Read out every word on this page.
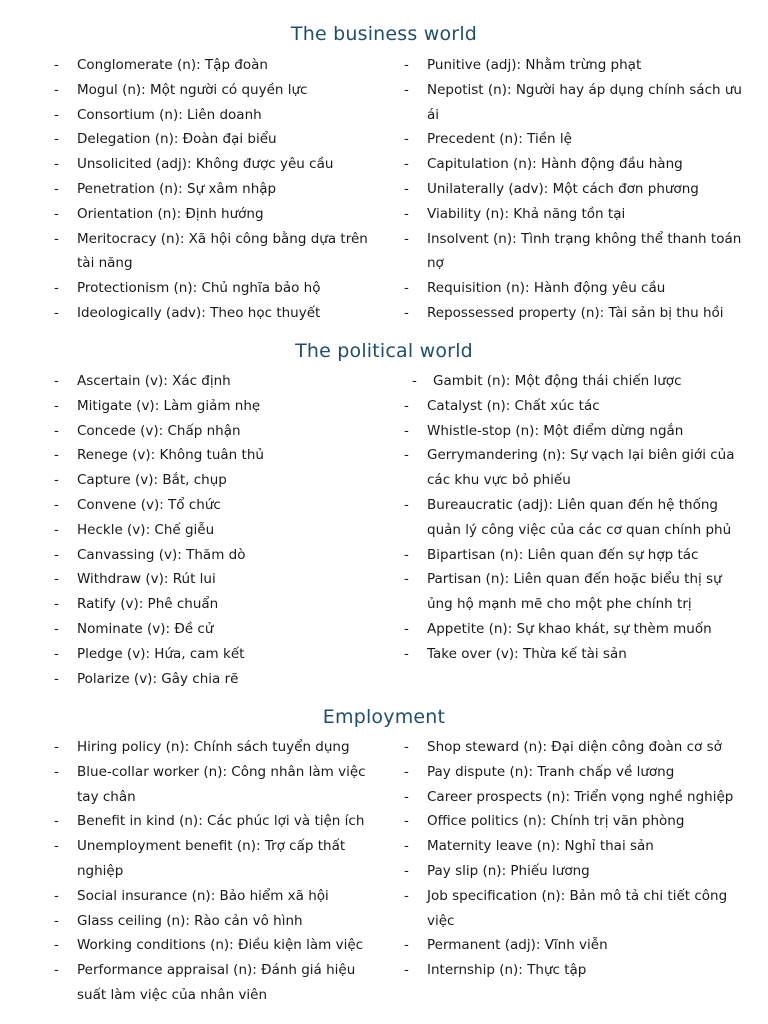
The business world
- Conglomerate (n): Tập đoàn
- Mogul (n): Một người có quyền lực
- Consortium (n): Liên doanh
- Delegation (n): Đoàn đại biểu
- Unsolicited (adj): Không được yêu cầu
- Penetration (n): Sự xâm nhập
- Orientation (n): Định hướng
- Meritocracy (n): Xã hội công bằng dựa trên tài năng
- Protectionism (n): Chủ nghĩa bảo hộ
- Ideologically (adv): Theo học thuyết
- Punitive (adj): Nhằm trừng phạt
- Nepotist (n): Người hay áp dụng chính sách ưu ái
- Precedent (n): Tiền lệ
- Capitulation (n): Hành động đầu hàng
- Unilaterally (adv): Một cách đơn phương
- Viability (n): Khả năng tồn tại
- Insolvent (n): Tình trạng không thể thanh toán nợ
- Requisition (n): Hành động yêu cầu
- Repossessed property (n): Tài sản bị thu hồi
The political world
- Ascertain (v): Xác định
- Mitigate (v): Làm giảm nhẹ
- Concede (v): Chấp nhận
- Renege (v): Không tuân thủ
- Capture (v): Bắt, chụp
- Convene (v): Tổ chức
- Heckle (v): Chế giễu
- Canvassing (v): Thăm dò
- Withdraw (v): Rút lui
- Ratify (v): Phê chuẩn
- Nominate (v): Đề cử
- Pledge (v): Hứa, cam kết
- Polarize (v): Gây chia rẽ
- Gambit (n): Một động thái chiến lược
- Catalyst (n): Chất xúc tác
- Whistle-stop (n): Một điểm dừng ngắn
- Gerrymandering (n): Sự vạch lại biên giới của các khu vực bỏ phiếu
- Bureaucratic (adj): Liên quan đến hệ thống quản lý công việc của các cơ quan chính phủ
- Bipartisan (n): Liên quan đến sự hợp tác
- Partisan (n): Liên quan đến hoặc biểu thị sự ủng hộ mạnh mẽ cho một phe chính trị
- Appetite (n): Sự khao khát, sự thèm muốn
- Take over (v): Thừa kế tài sản
Employment
- Hiring policy (n): Chính sách tuyển dụng
- Blue-collar worker (n): Công nhân làm việc tay chân
- Benefit in kind (n): Các phúc lợi và tiện ích
- Unemployment benefit (n): Trợ cấp thất nghiệp
- Social insurance (n): Bảo hiểm xã hội
- Glass ceiling (n): Rào cản vô hình
- Working conditions (n): Điều kiện làm việc
- Performance appraisal (n): Đánh giá hiệu suất làm việc của nhân viên
- Shop steward (n): Đại diện công đoàn cơ sở
- Pay dispute (n): Tranh chấp về lương
- Career prospects (n): Triển vọng nghề nghiệp
- Office politics (n): Chính trị văn phòng
- Maternity leave (n): Nghỉ thai sản
- Pay slip (n): Phiếu lương
- Job specification (n): Bản mô tả chi tiết công việc
- Permanent (adj): Vĩnh viễn
- Internship (n): Thực tập
